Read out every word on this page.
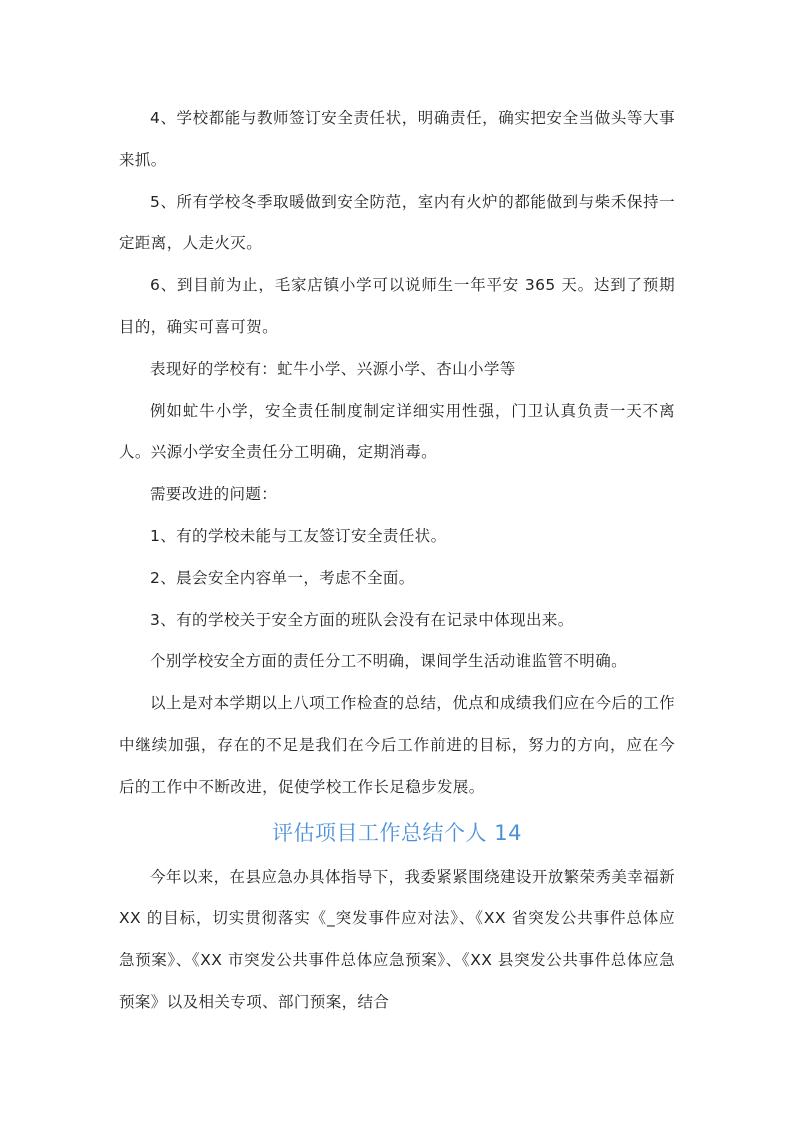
4、学校都能与教师签订安全责任状，明确责任，确实把安全当做头等大事来抓。

5、所有学校冬季取暖做到安全防范，室内有火炉的都能做到与柴禾保持一定距离，人走火灭。

6、到目前为止，毛家店镇小学可以说师生一年平安 365 天。达到了预期目的，确实可喜可贺。

表现好的学校有：虻牛小学、兴源小学、杏山小学等

例如虻牛小学，安全责任制度制定详细实用性强，门卫认真负责一天不离人。兴源小学安全责任分工明确，定期消毒。

需要改进的问题：

1、有的学校未能与工友签订安全责任状。

2、晨会安全内容单一，考虑不全面。

3、有的学校关于安全方面的班队会没有在记录中体现出来。

个别学校安全方面的责任分工不明确，课间学生活动谁监管不明确。

以上是对本学期以上八项工作检查的总结，优点和成绩我们应在今后的工作中继续加强，存在的不足是我们在今后工作前进的目标，努力的方向，应在今后的工作中不断改进，促使学校工作长足稳步发展。

评估项目工作总结个人 14

今年以来，在县应急办具体指导下，我委紧紧围绕建设开放繁荣秀美幸福新 XX 的目标，切实贯彻落实《_突发事件应对法》、《XX 省突发公共事件总体应急预案》、《XX 市突发公共事件总体应急预案》、《XX 县突发公共事件总体应急预案》以及相关专项、部门预案，结合
